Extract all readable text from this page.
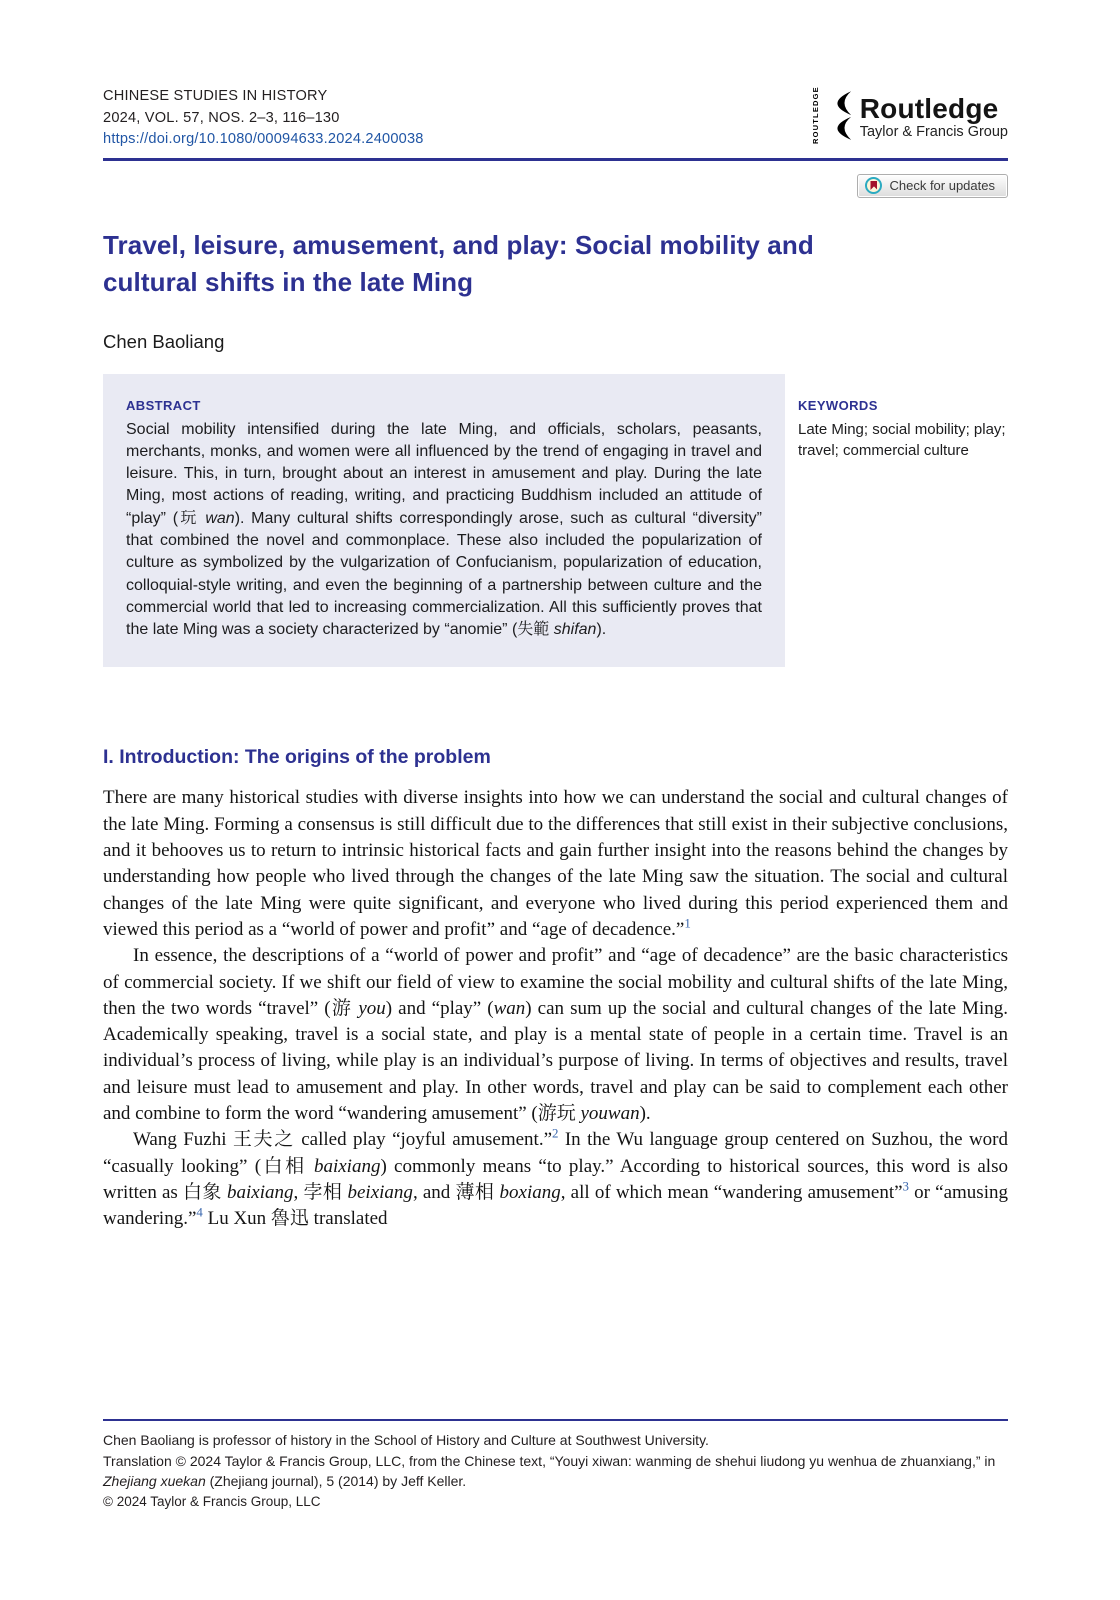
CHINESE STUDIES IN HISTORY
2024, VOL. 57, NOS. 2–3, 116–130
https://doi.org/10.1080/00094633.2024.2400038	ROUTLEDGE Routledge
Taylor & Francis Group
Check for updates
Travel, leisure, amusement, and play: Social mobility and
cultural shifts in the late Ming
Chen Baoliang
ABSTRACT

Social mobility intensified during the late Ming, and officials, scholars, peasants, merchants, monks, and women were all influenced by the trend of engaging in travel and leisure. This, in turn, brought about an interest in amusement and play. During the late Ming, most actions of reading, writing, and practicing Buddhism included an attitude of “play” (玩 wan). Many cultural shifts correspondingly arose, such as cultural “diversity” that combined the novel and commonplace. These also included the popularization of culture as symbolized by the vulgarization of Confucianism, popularization of education, colloquial-style writing, and even the beginning of a partnership between culture and the commercial world that led to increasing commercialization. All this sufficiently proves that the late Ming was a society characterized by “anomie” (失範 shifan).

KEYWORDS
Late Ming; social mobility; play; travel; commercial culture
I. Introduction: The origins of the problem

There are many historical studies with diverse insights into how we can understand the social and cultural changes of the late Ming. Forming a consensus is still difficult due to the differences that still exist in their subjective conclusions, and it behooves us to return to intrinsic historical facts and gain further insight into the reasons behind the changes by understanding how people who lived through the changes of the late Ming saw the situation. The social and cultural changes of the late Ming were quite significant, and everyone who lived during this period experienced them and viewed this period as a “world of power and profit” and “age of decadence.”$^1$

In essence, the descriptions of a “world of power and profit” and “age of decadence” are the basic characteristics of commercial society. If we shift our field of view to examine the social mobility and cultural shifts of the late Ming, then the two words “travel” (游 you) and “play” (wan) can sum up the social and cultural changes of the late Ming. Academically speaking, travel is a social state, and play is a mental state of people in a certain time. Travel is an individual’s process of living, while play is an individual’s purpose of living. In terms of objectives and results, travel and leisure must lead to amusement and play. In other words, travel and play can be said to complement each other and combine to form the word “wandering amusement” (游玩 youwan).

Wang Fuzhi 王夫之 called play “joyful amusement.”$^2$ In the Wu language group centered on Suzhou, the word “casually looking” (白相 baixiang) commonly means “to play.” According to historical sources, this word is also written as 白象 baixiang, 孛相 beixiang, and 薄相 boxiang, all of which mean “wandering amusement”$^3$ or “amusing wandering.”$^4$ Lu Xun 魯迅 translated

Chen Baoliang is professor of history in the School of History and Culture at Southwest University.

Translation © 2024 Taylor & Francis Group, LLC, from the Chinese text, “Youyi xiwan: wanming de shehui liudong yu wenhua de zhuanxiang,” in Zhejiang xuekan (Zhejiang journal), 5 (2014) by Jeff Keller.

© 2024 Taylor & Francis Group, LLC
